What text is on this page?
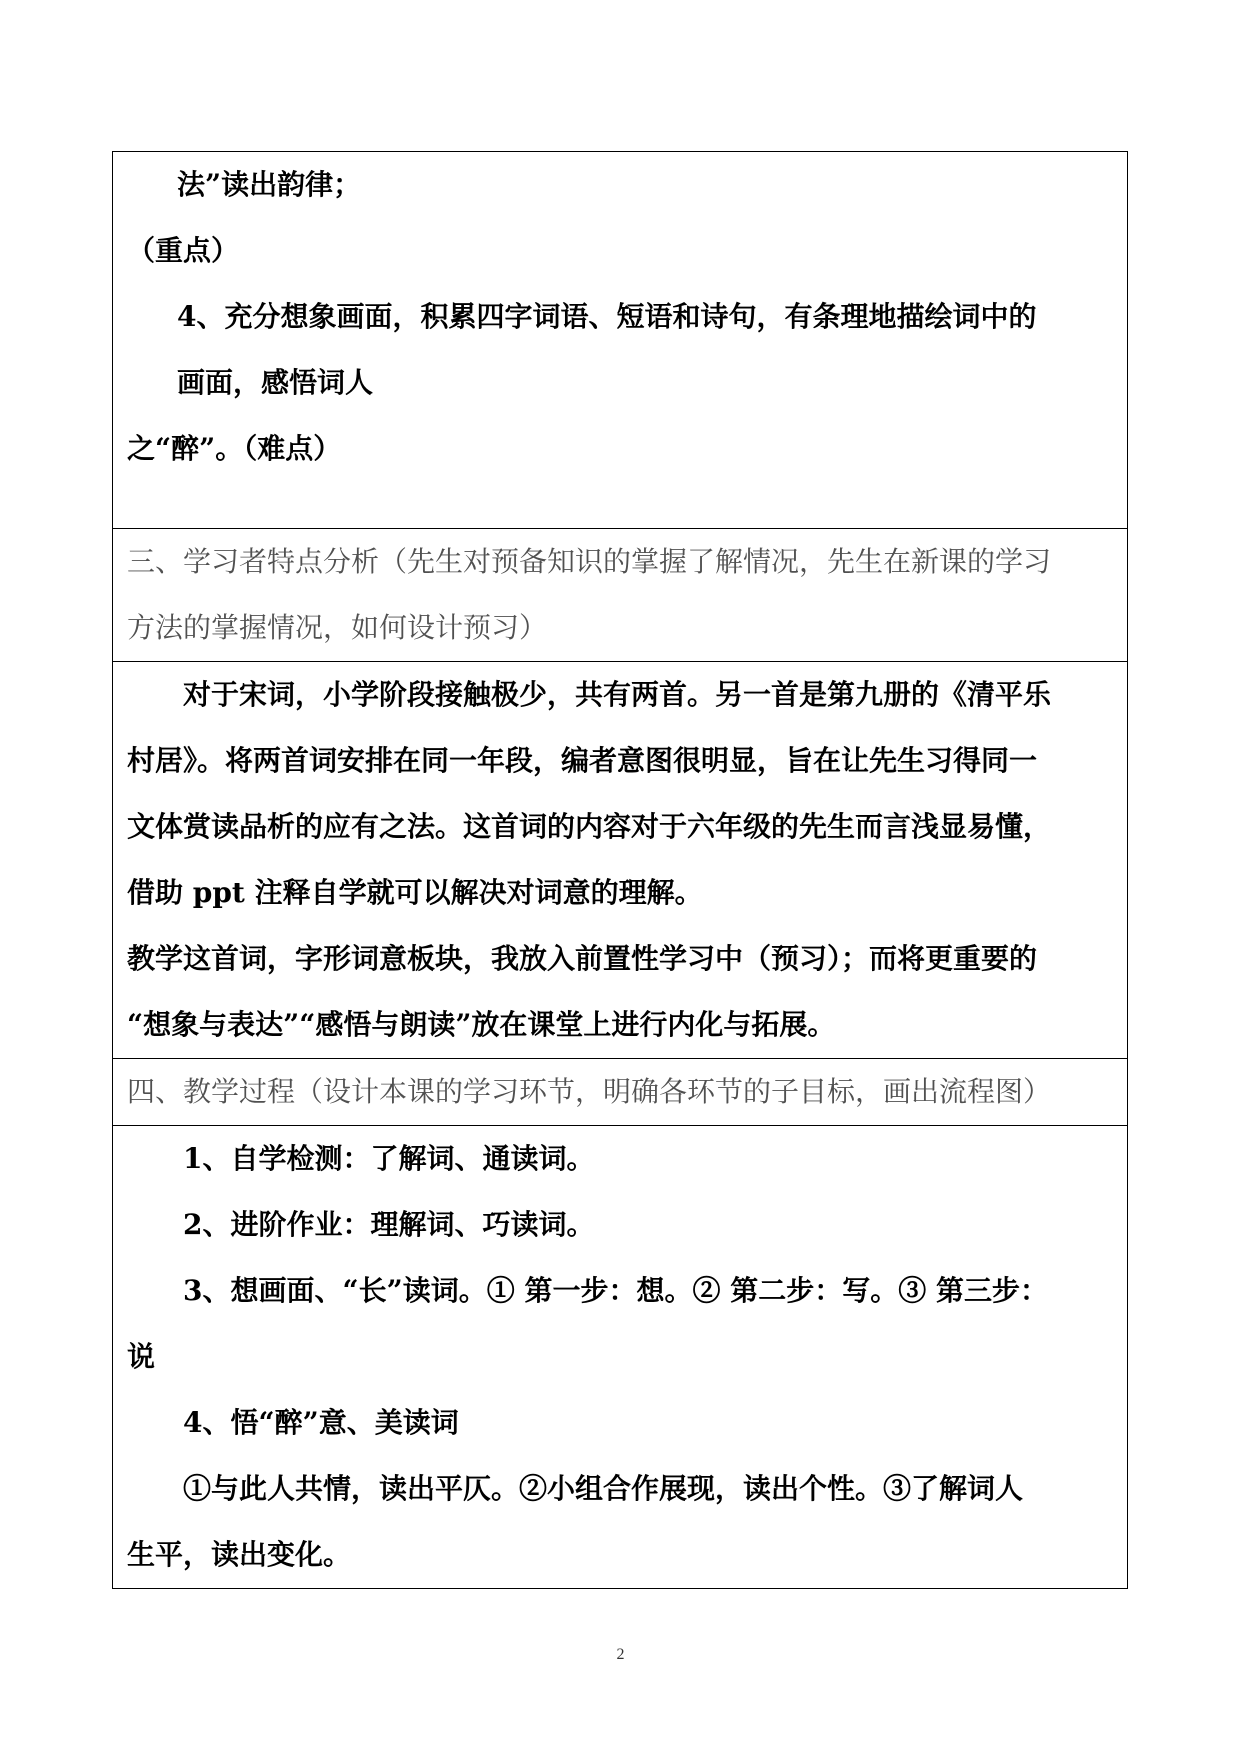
法”读出韵律；
（重点）
4、充分想象画面，积累四字词语、短语和诗句，有条理地描绘词中的
画面，感悟词人
之“醉”。（难点）

三、学习者特点分析（先生对预备知识的掌握了解情况，先生在新课的学习
方法的掌握情况，如何设计预习）

对于宋词，小学阶段接触极少，共有两首。另一首是第九册的《清平乐
村居》。将两首词安排在同一年段，编者意图很明显，旨在让先生习得同一
文体赏读品析的应有之法。这首词的内容对于六年级的先生而言浅显易懂，
借助 ppt 注释自学就可以解决对词意的理解。
教学这首词，字形词意板块，我放入前置性学习中（预习）；而将更重要的
“想象与表达”“感悟与朗读”放在课堂上进行内化与拓展。

四、教学过程（设计本课的学习环节，明确各环节的子目标，画出流程图）

1、自学检测：了解词、通读词。
2、进阶作业：理解词、巧读词。
3、想画面、“长”读词。① 第一步：想。② 第二步：写。③ 第三步：
说
4、悟“醉”意、美读词
①与此人共情，读出平仄。②小组合作展现，读出个性。③了解词人
生平，读出变化。
2
